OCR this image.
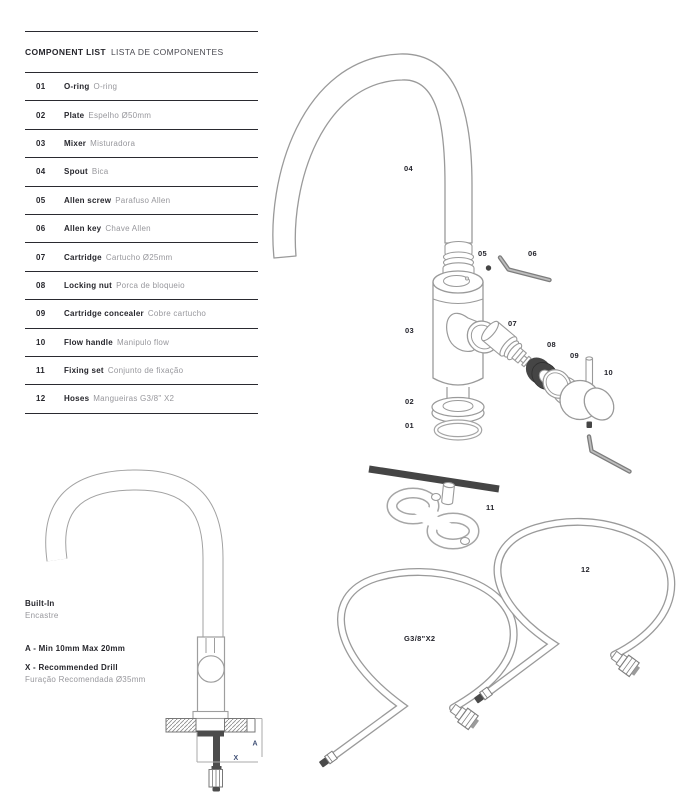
04
05	06
03
07
08
09
10
02
01
11
G3/8"X2
12
A
X
COMPONENT LIST LISTA DE COMPONENTES
01	O-ring O-ring
02	Plate Espelho Ø50mm
03	Mixer Misturadora
04	Spout Bica
05	Allen screw Parafuso Allen
06	Allen key Chave Allen
07	Cartridge Cartucho Ø25mm
08	Locking nut Porca de bloqueio
09	Cartridge concealer Cobre cartucho
10	Flow handle Manipulo flow
11	Fixing set Conjunto de fixação
12	Hoses Mangueiras G3/8" X2
Built-In
Encastre
A - Min 10mm Max 20mm
X - Recommended Drill
Furação Recomendada Ø35mm
